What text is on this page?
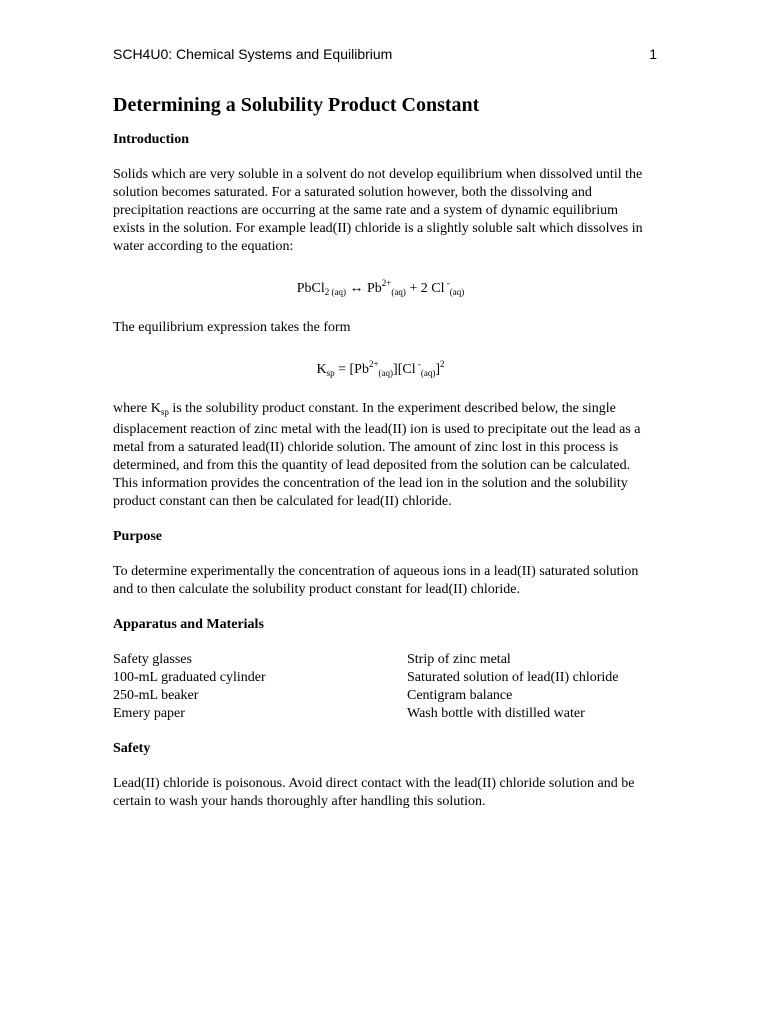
SCH4U0: Chemical Systems and Equilibrium	1
Determining a Solubility Product Constant
Introduction

Solids which are very soluble in a solvent do not develop equilibrium when dissolved until the solution becomes saturated. For a saturated solution however, both the dissolving and precipitation reactions are occurring at the same rate and a system of dynamic equilibrium exists in the solution. For example lead(II) chloride is a slightly soluble salt which dissolves in water according to the equation:

PbCl$_{2 (aq)}$ ↔ $Pb^{2+}_{(aq)} + 2$ Cl -$_{(aq)}$

The equilibrium expression takes the form

$K_{sp} = [Pb^{2+}_{(aq)}][Cl$ -$_{(aq)}$]$^2$

where $K_{sp}$ is the solubility product constant. In the experiment described below, the single displacement reaction of zinc metal with the lead(II) ion is used to precipitate out the lead as a metal from a saturated lead(II) chloride solution. The amount of zinc lost in this process is determined, and from this the quantity of lead deposited from the solution can be calculated. This information provides the concentration of the lead ion in the solution and the solubility product constant can then be calculated for lead(II) chloride.

Purpose

To determine experimentally the concentration of aqueous ions in a lead(II) saturated solution and to then calculate the solubility product constant for lead(II) chloride.

Apparatus and Materials
Safety glasses
100-mL graduated cylinder
250-mL beaker
Emery paper
Strip of zinc metal
Saturated solution of lead(II) chloride
Centigram balance
Wash bottle with distilled water
Safety

Lead(II) chloride is poisonous. Avoid direct contact with the lead(II) chloride solution and be certain to wash your hands thoroughly after handling this solution.
